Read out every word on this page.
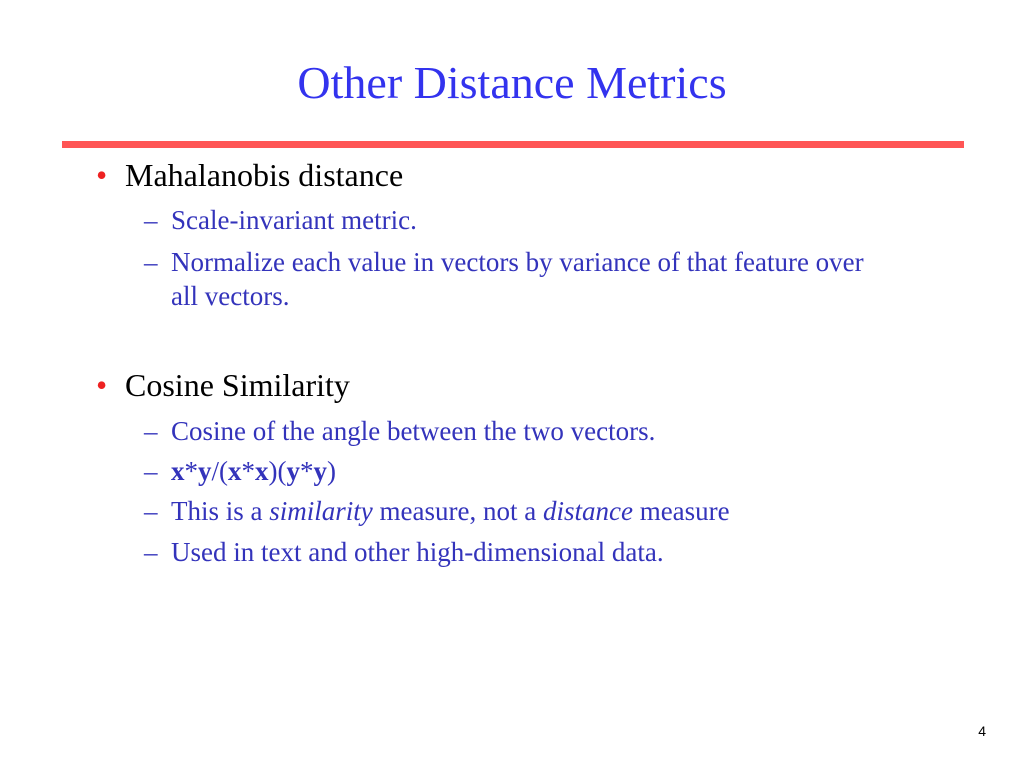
Other Distance Metrics
• Mahalanobis distance
– Scale-invariant metric.
– Normalize each value in vectors by variance of that feature over all vectors.
• Cosine Similarity
– Cosine of the angle between the two vectors.
– x*y/(x*x)(y*y)
– This is a similarity measure, not a distance measure
– Used in text and other high-dimensional data.
4
